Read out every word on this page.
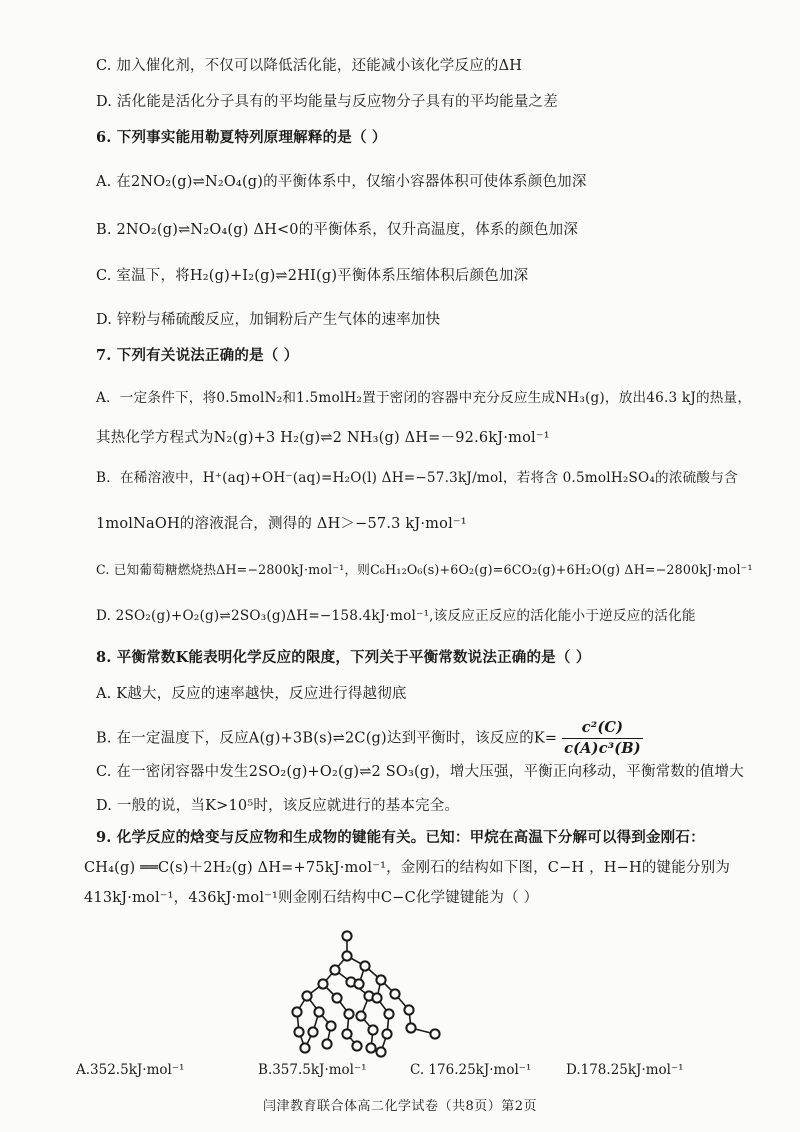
C. 加入催化剂，不仅可以降低活化能，还能减小该化学反应的ΔH
D. 活化能是活化分子具有的平均能量与反应物分子具有的平均能量之差
6. 下列事实能用勒夏特列原理解释的是（ ）
A. 在2NO₂(g)⇌N₂O₄(g)的平衡体系中，仅缩小容器体积可使体系颜色加深
B. 2NO₂(g)⇌N₂O₄(g) ΔH<0的平衡体系，仅升高温度，体系的颜色加深
C. 室温下，将H₂(g)+I₂(g)⇌2HI(g)平衡体系压缩体积后颜色加深
D. 锌粉与稀硫酸反应，加铜粉后产生气体的速率加快
7. 下列有关说法正确的是（ ）
A．一定条件下，将0.5molN₂和1.5molH₂置于密闭的容器中充分反应生成NH₃(g)，放出46.3 kJ的热量，
其热化学方程式为N₂(g)+3 H₂(g)⇌2 NH₃(g) ΔH=－92.6kJ·mol⁻¹
B．在稀溶液中，H⁺(aq)+OH⁻(aq)=H₂O(l) ΔH=−57.3kJ/mol，若将含 0.5molH₂SO₄的浓硫酸与含
1molNaOH的溶液混合，测得的 ΔH＞−57.3 kJ·mol⁻¹
C. 已知葡萄糖燃烧热ΔH=−2800kJ·mol⁻¹，则C₆H₁₂O₆(s)+6O₂(g)=6CO₂(g)+6H₂O(g) ΔH=−2800kJ·mol⁻¹
D. 2SO₂(g)+O₂(g)⇌2SO₃(g)ΔH=−158.4kJ·mol⁻¹,该反应正反应的活化能小于逆反应的活化能
8. 平衡常数K能表明化学反应的限度，下列关于平衡常数说法正确的是（ ）
A. K越大，反应的速率越快，反应进行得越彻底
B. 在一定温度下，反应A(g)+3B(s)⇌2C(g)达到平衡时，该反应的$K= \frac{\text{c²(C)}}{\text{c(A)c³(B)}}$
C. 在一密闭容器中发生2SO₂(g)+O₂(g)⇌2 SO₃(g)，增大压强，平衡正向移动，平衡常数的值增大
D. 一般的说，当K>10⁵时，该反应就进行的基本完全。
9. 化学反应的焓变与反应物和生成物的键能有关。已知：甲烷在高温下分解可以得到金刚石：
CH₄(g) ══C(s)＋2H₂(g) ΔH=+75kJ·mol⁻¹，金刚石的结构如下图，C−H ，H−H的键能分别为
413kJ·mol⁻¹，436kJ·mol⁻¹则金刚石结构中C−C化学键键能为（ ）
A.352.5kJ·mol⁻¹	B.357.5kJ·mol⁻¹	C. 176.25kJ·mol⁻¹	D.178.25kJ·mol⁻¹
闫津教育联合体高二化学试卷（共8页）第2页
